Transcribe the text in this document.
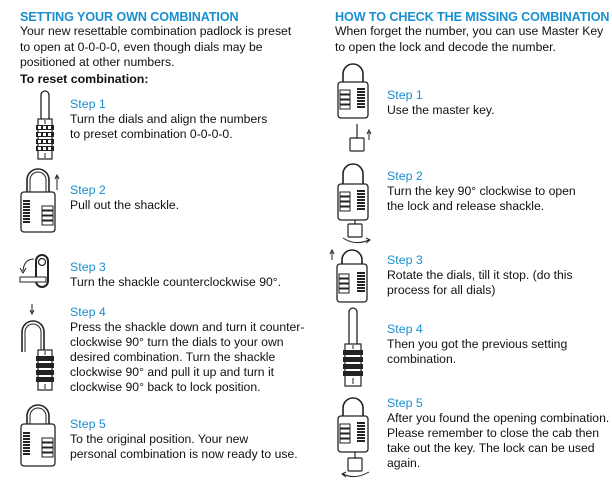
SETTING YOUR OWN COMBINATION
Your new resettable combination padlock is preset
to open at 0-0-0-0, even though dials may be
positioned at other numbers.
To reset combination:
Step 1
Turn the dials and align the numbers
to preset combination 0-0-0-0.
Step 2
Pull out the shackle.
Step 3
Turn the shackle counterclockwise 90°.
Step 4
Press the shackle down and turn it counter-
clockwise 90° turn the dials to your own
desired combination. Turn the shackle
clockwise 90° and pull it up and turn it
clockwise 90° back to lock position.
Step 5
To the original position. Your new
personal combination is now ready to use.
HOW TO CHECK THE MISSING COMBINATION
When forget the number, you can use Master Key
to open the lock and decode the number.
Step 1
Use the master key.
Step 2
Turn the key 90° clockwise to open
the lock and release shackle.
Step 3
Rotate the dials, till it stop. (do this
process for all dials)
Step 4
Then you got the previous setting
combination.
Step 5
After you found the opening combination.
Please remember to close the cab then
take out the key. The lock can be used
again.
